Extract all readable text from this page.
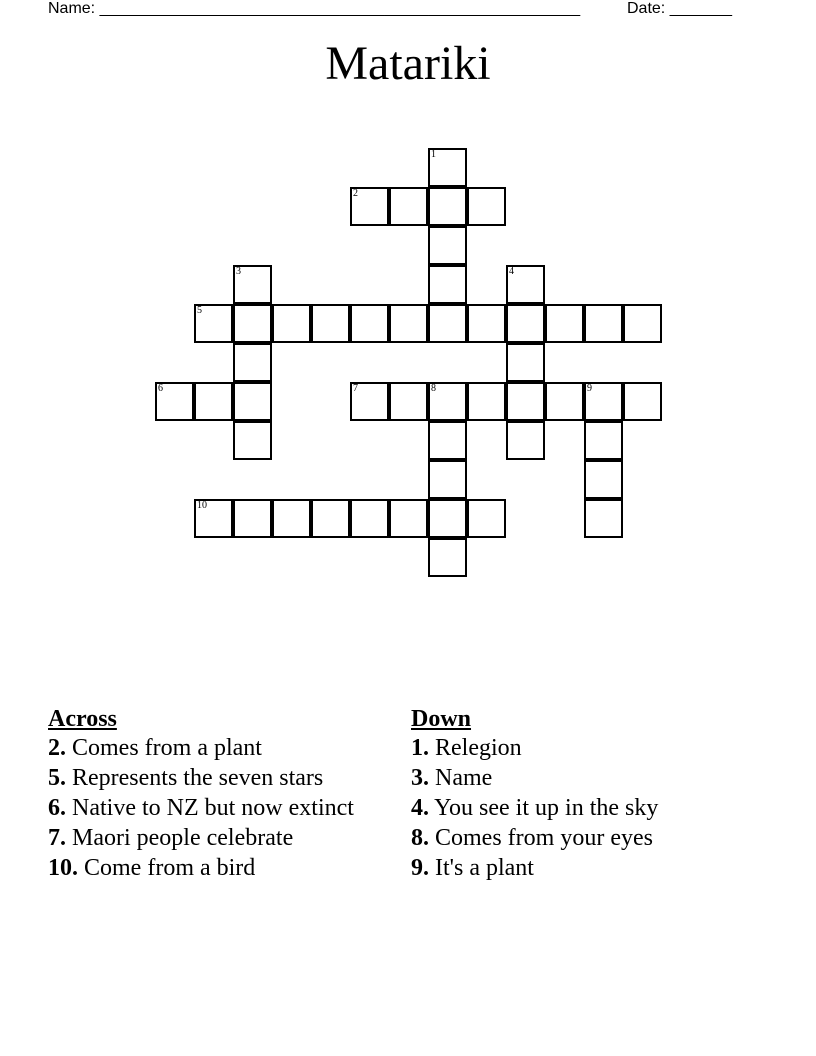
Name: ______________________________________________________	Date: _______
Matariki
1
2
3	4
5
6	7	8	9
10
Across
2. Comes from a plant
5. Represents the seven stars
6. Native to NZ but now extinct
7. Maori people celebrate
10. Come from a bird
Down
1. Relegion
3. Name
4. You see it up in the sky
8. Comes from your eyes
9. It's a plant
